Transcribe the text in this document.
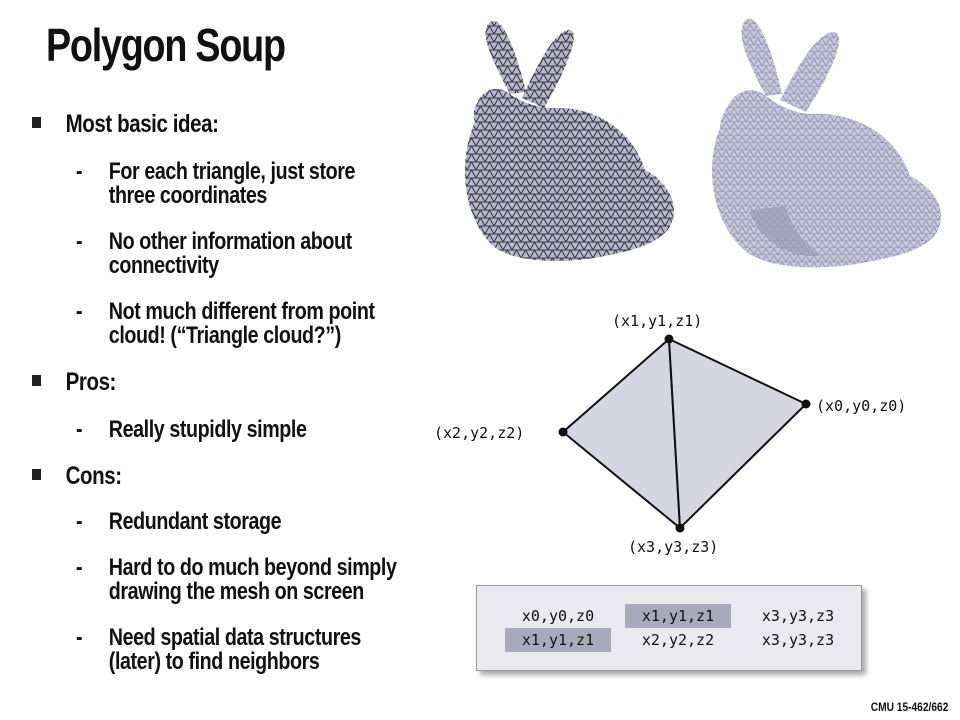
Polygon Soup
Most basic idea:
- For each triangle, just store
three coordinates
- No other information about
connectivity
- Not much different from point
cloud! (“Triangle cloud?”)
Pros:
- Really stupidly simple
Cons:
- Redundant storage
- Hard to do much beyond simply
drawing the mesh on screen
- Need spatial data structures
(later) to find neighbors
(x1,y1,z1)
(x0,y0,z0)
(x2,y2,z2)
(x3,y3,z3)
x0,y0,z0	x1,y1,z1	x3,y3,z3
x1,y1,z1	x2,y2,z2	x3,y3,z3
CMU 15-462/662
